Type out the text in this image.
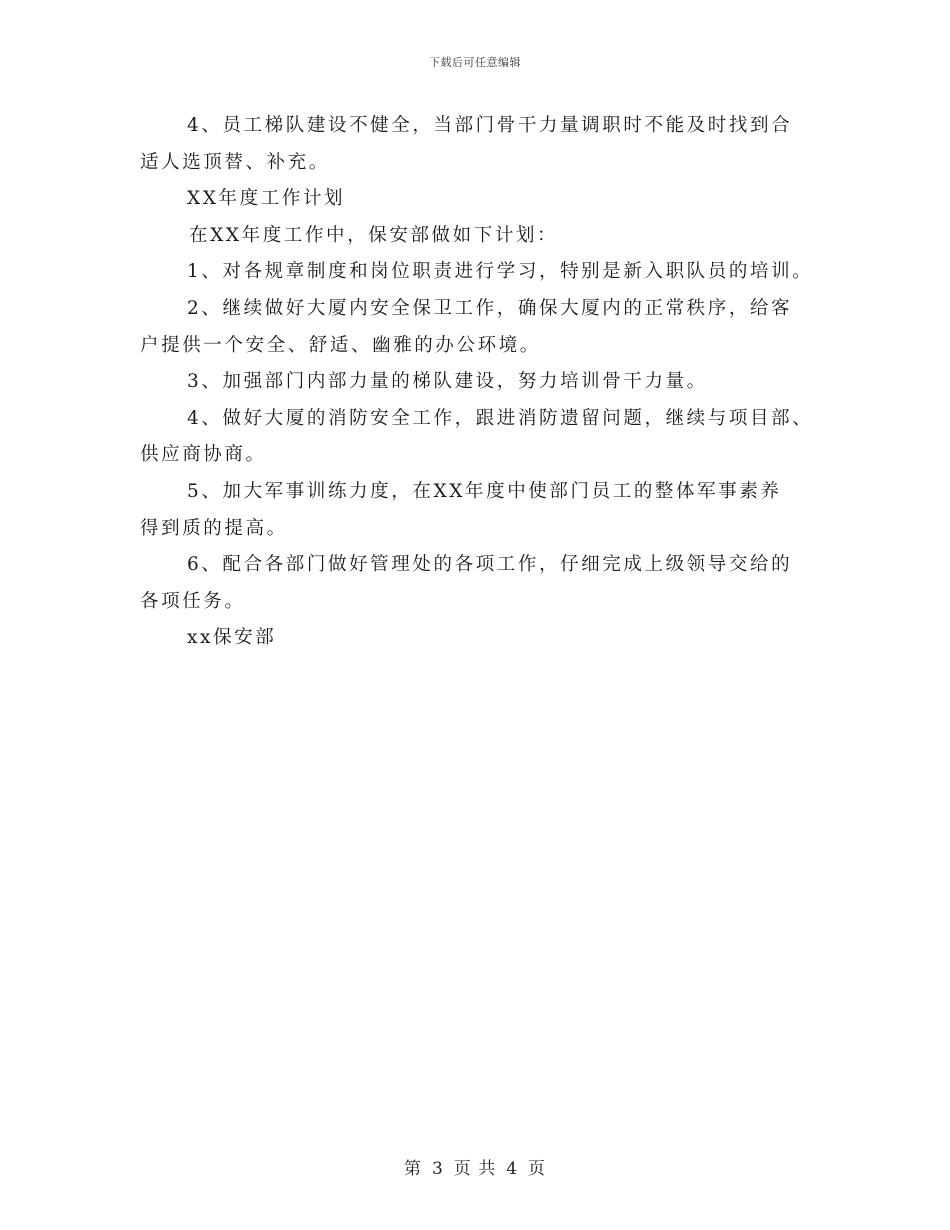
下载后可任意编辑

4、员工梯队建设不健全，当部门骨干力量调职时不能及时找到合
适人选顶替、补充。

XX年度工作计划

在XX年度工作中，保安部做如下计划：

1、对各规章制度和岗位职责进行学习，特别是新入职队员的培训。

2、继续做好大厦内安全保卫工作，确保大厦内的正常秩序，给客
户提供一个安全、舒适、幽雅的办公环境。

3、加强部门内部力量的梯队建设，努力培训骨干力量。

4、做好大厦的消防安全工作，跟进消防遗留问题，继续与项目部、
供应商协商。

5、加大军事训练力度，在XX年度中使部门员工的整体军事素养
得到质的提高。

6、配合各部门做好管理处的各项工作，仔细完成上级领导交给的
各项任务。

xx保安部

第 3 页 共 4 页
